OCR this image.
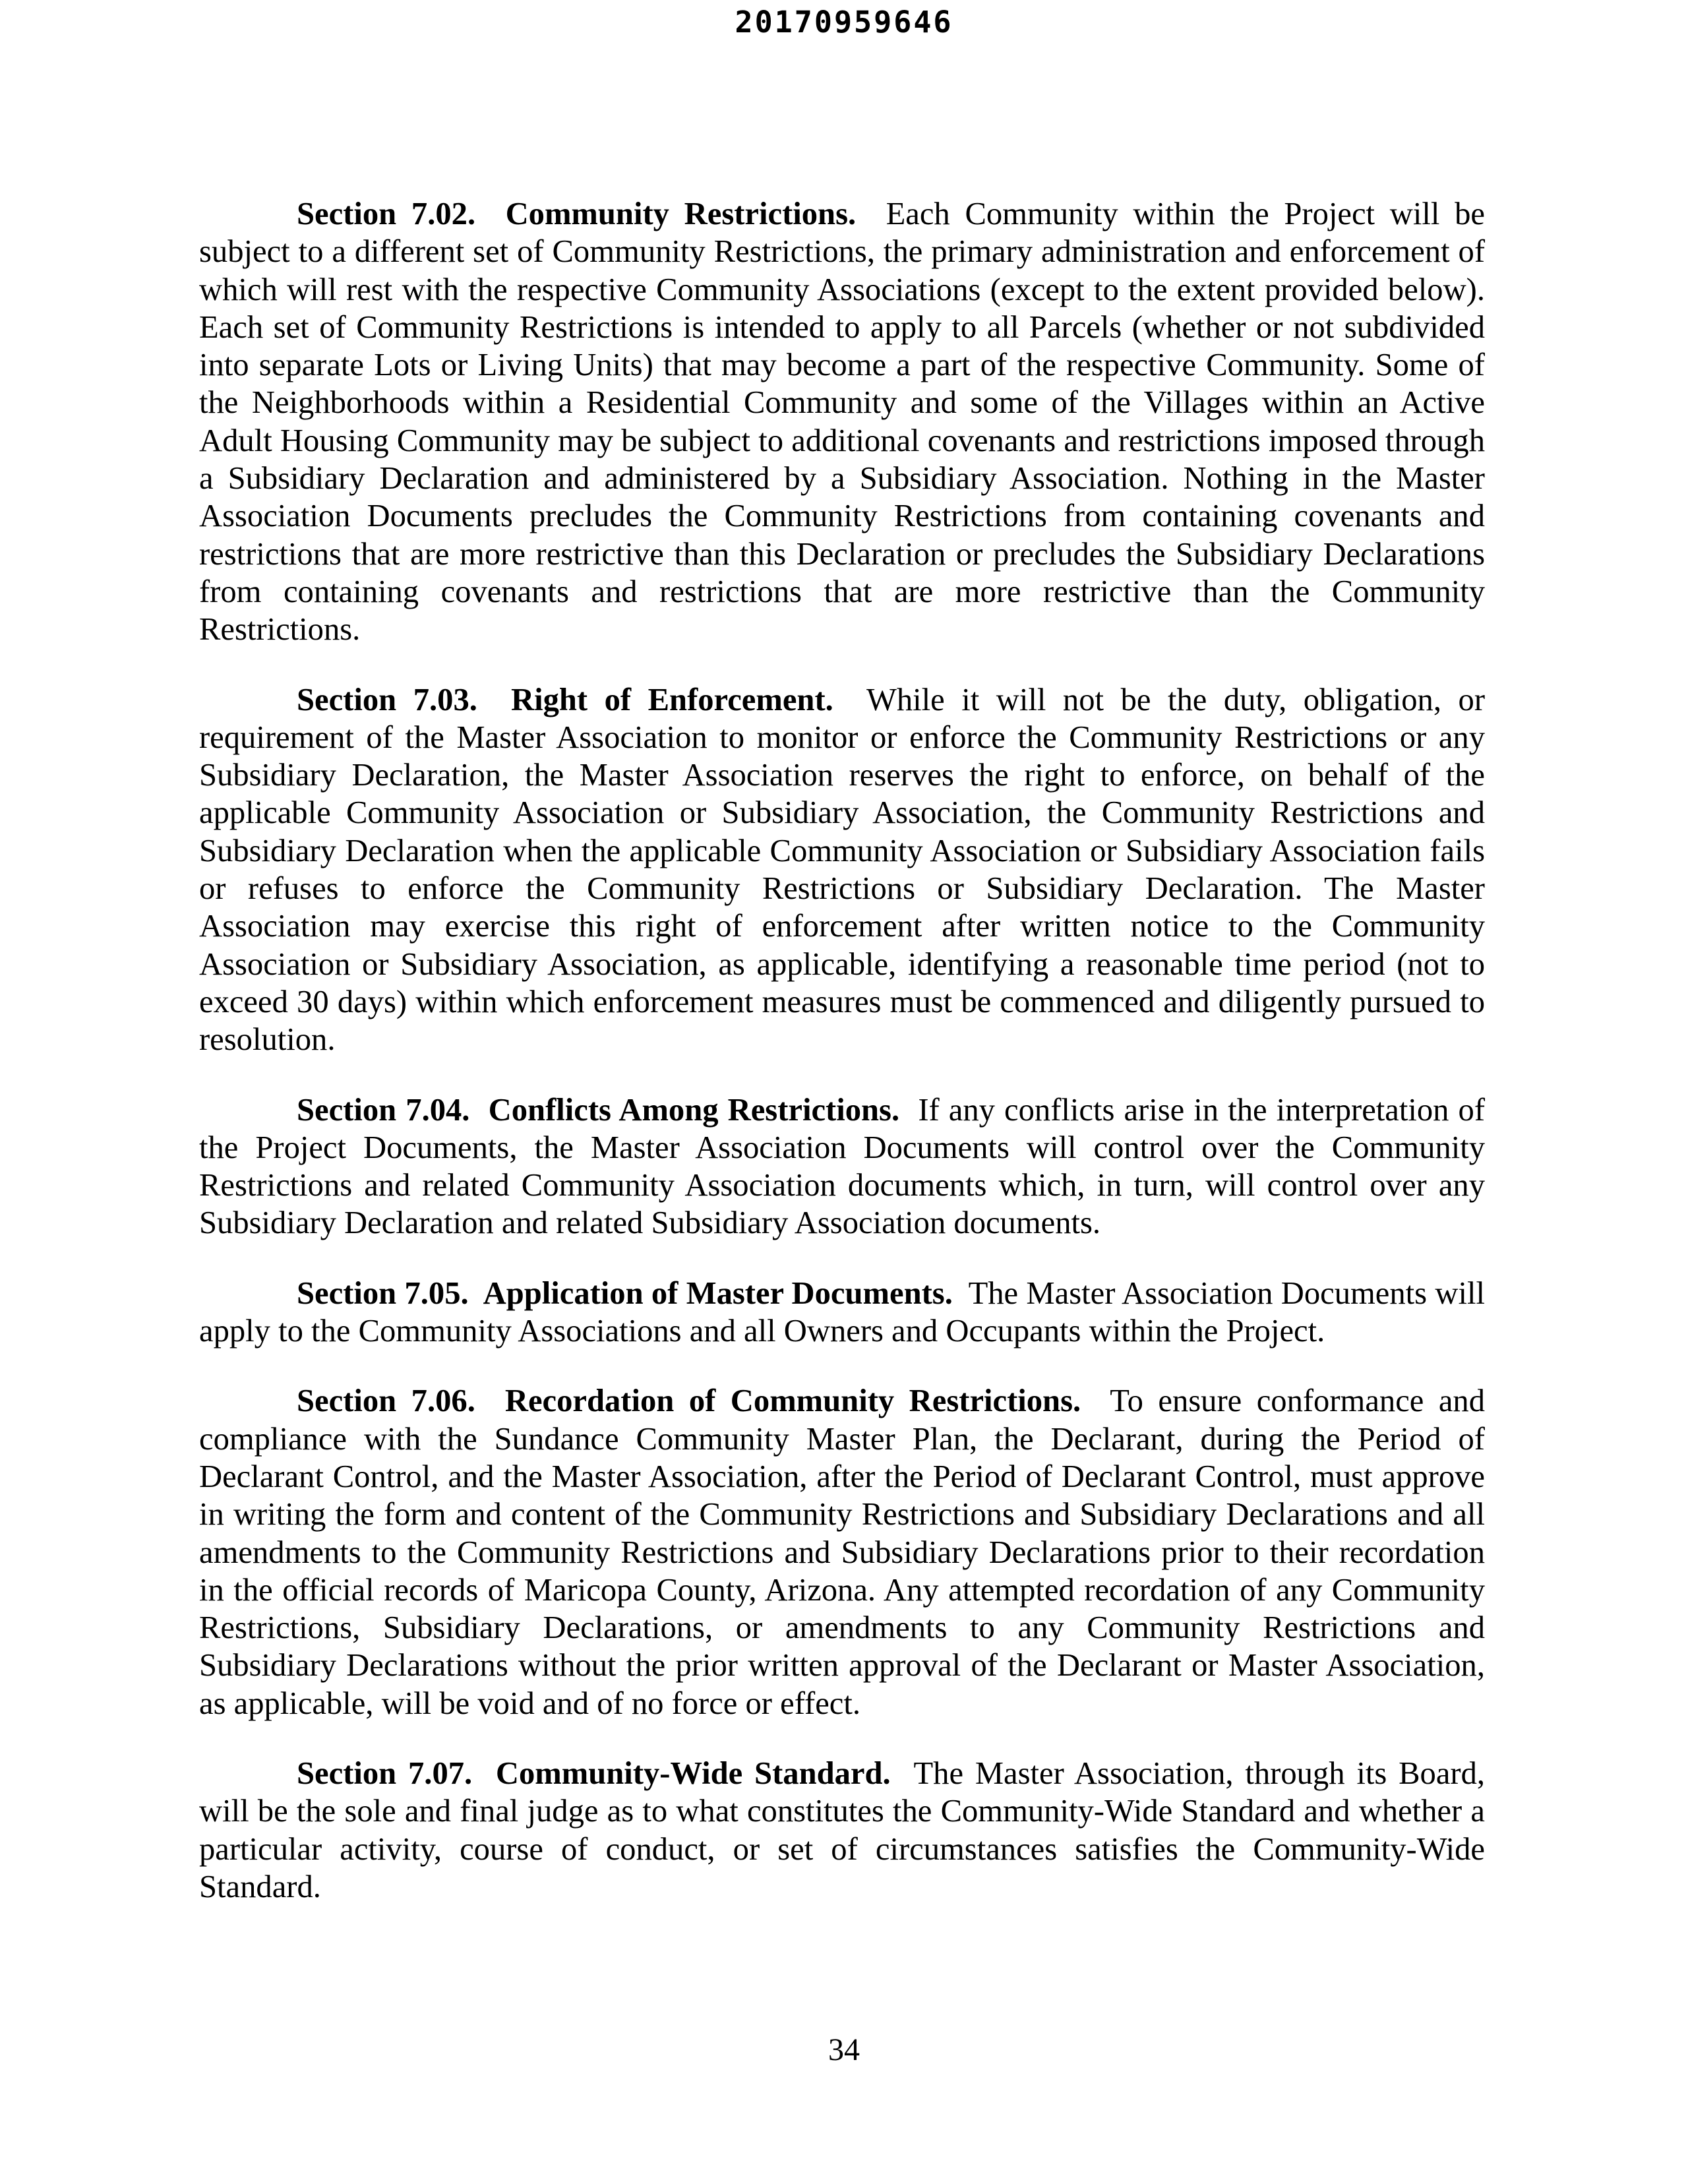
20170959646

Section 7.02. Community Restrictions. Each Community within the Project will be subject to a different set of Community Restrictions, the primary administration and enforcement of which will rest with the respective Community Associations (except to the extent provided below). Each set of Community Restrictions is intended to apply to all Parcels (whether or not subdivided into separate Lots or Living Units) that may become a part of the respective Community. Some of the Neighborhoods within a Residential Community and some of the Villages within an Active Adult Housing Community may be subject to additional covenants and restrictions imposed through a Subsidiary Declaration and administered by a Subsidiary Association. Nothing in the Master Association Documents precludes the Community Restrictions from containing covenants and restrictions that are more restrictive than this Declaration or precludes the Subsidiary Declarations from containing covenants and restrictions that are more restrictive than the Community Restrictions.

Section 7.03. Right of Enforcement. While it will not be the duty, obligation, or requirement of the Master Association to monitor or enforce the Community Restrictions or any Subsidiary Declaration, the Master Association reserves the right to enforce, on behalf of the applicable Community Association or Subsidiary Association, the Community Restrictions and Subsidiary Declaration when the applicable Community Association or Subsidiary Association fails or refuses to enforce the Community Restrictions or Subsidiary Declaration. The Master Association may exercise this right of enforcement after written notice to the Community Association or Subsidiary Association, as applicable, identifying a reasonable time period (not to exceed 30 days) within which enforcement measures must be commenced and diligently pursued to resolution.

Section 7.04. Conflicts Among Restrictions. If any conflicts arise in the interpretation of the Project Documents, the Master Association Documents will control over the Community Restrictions and related Community Association documents which, in turn, will control over any Subsidiary Declaration and related Subsidiary Association documents.

Section 7.05. Application of Master Documents. The Master Association Documents will apply to the Community Associations and all Owners and Occupants within the Project.

Section 7.06. Recordation of Community Restrictions. To ensure conformance and compliance with the Sundance Community Master Plan, the Declarant, during the Period of Declarant Control, and the Master Association, after the Period of Declarant Control, must approve in writing the form and content of the Community Restrictions and Subsidiary Declarations and all amendments to the Community Restrictions and Subsidiary Declarations prior to their recordation in the official records of Maricopa County, Arizona. Any attempted recordation of any Community Restrictions, Subsidiary Declarations, or amendments to any Community Restrictions and Subsidiary Declarations without the prior written approval of the Declarant or Master Association, as applicable, will be void and of no force or effect.

Section 7.07. Community-Wide Standard. The Master Association, through its Board, will be the sole and final judge as to what constitutes the Community-Wide Standard and whether a particular activity, course of conduct, or set of circumstances satisfies the Community-Wide Standard.

34
